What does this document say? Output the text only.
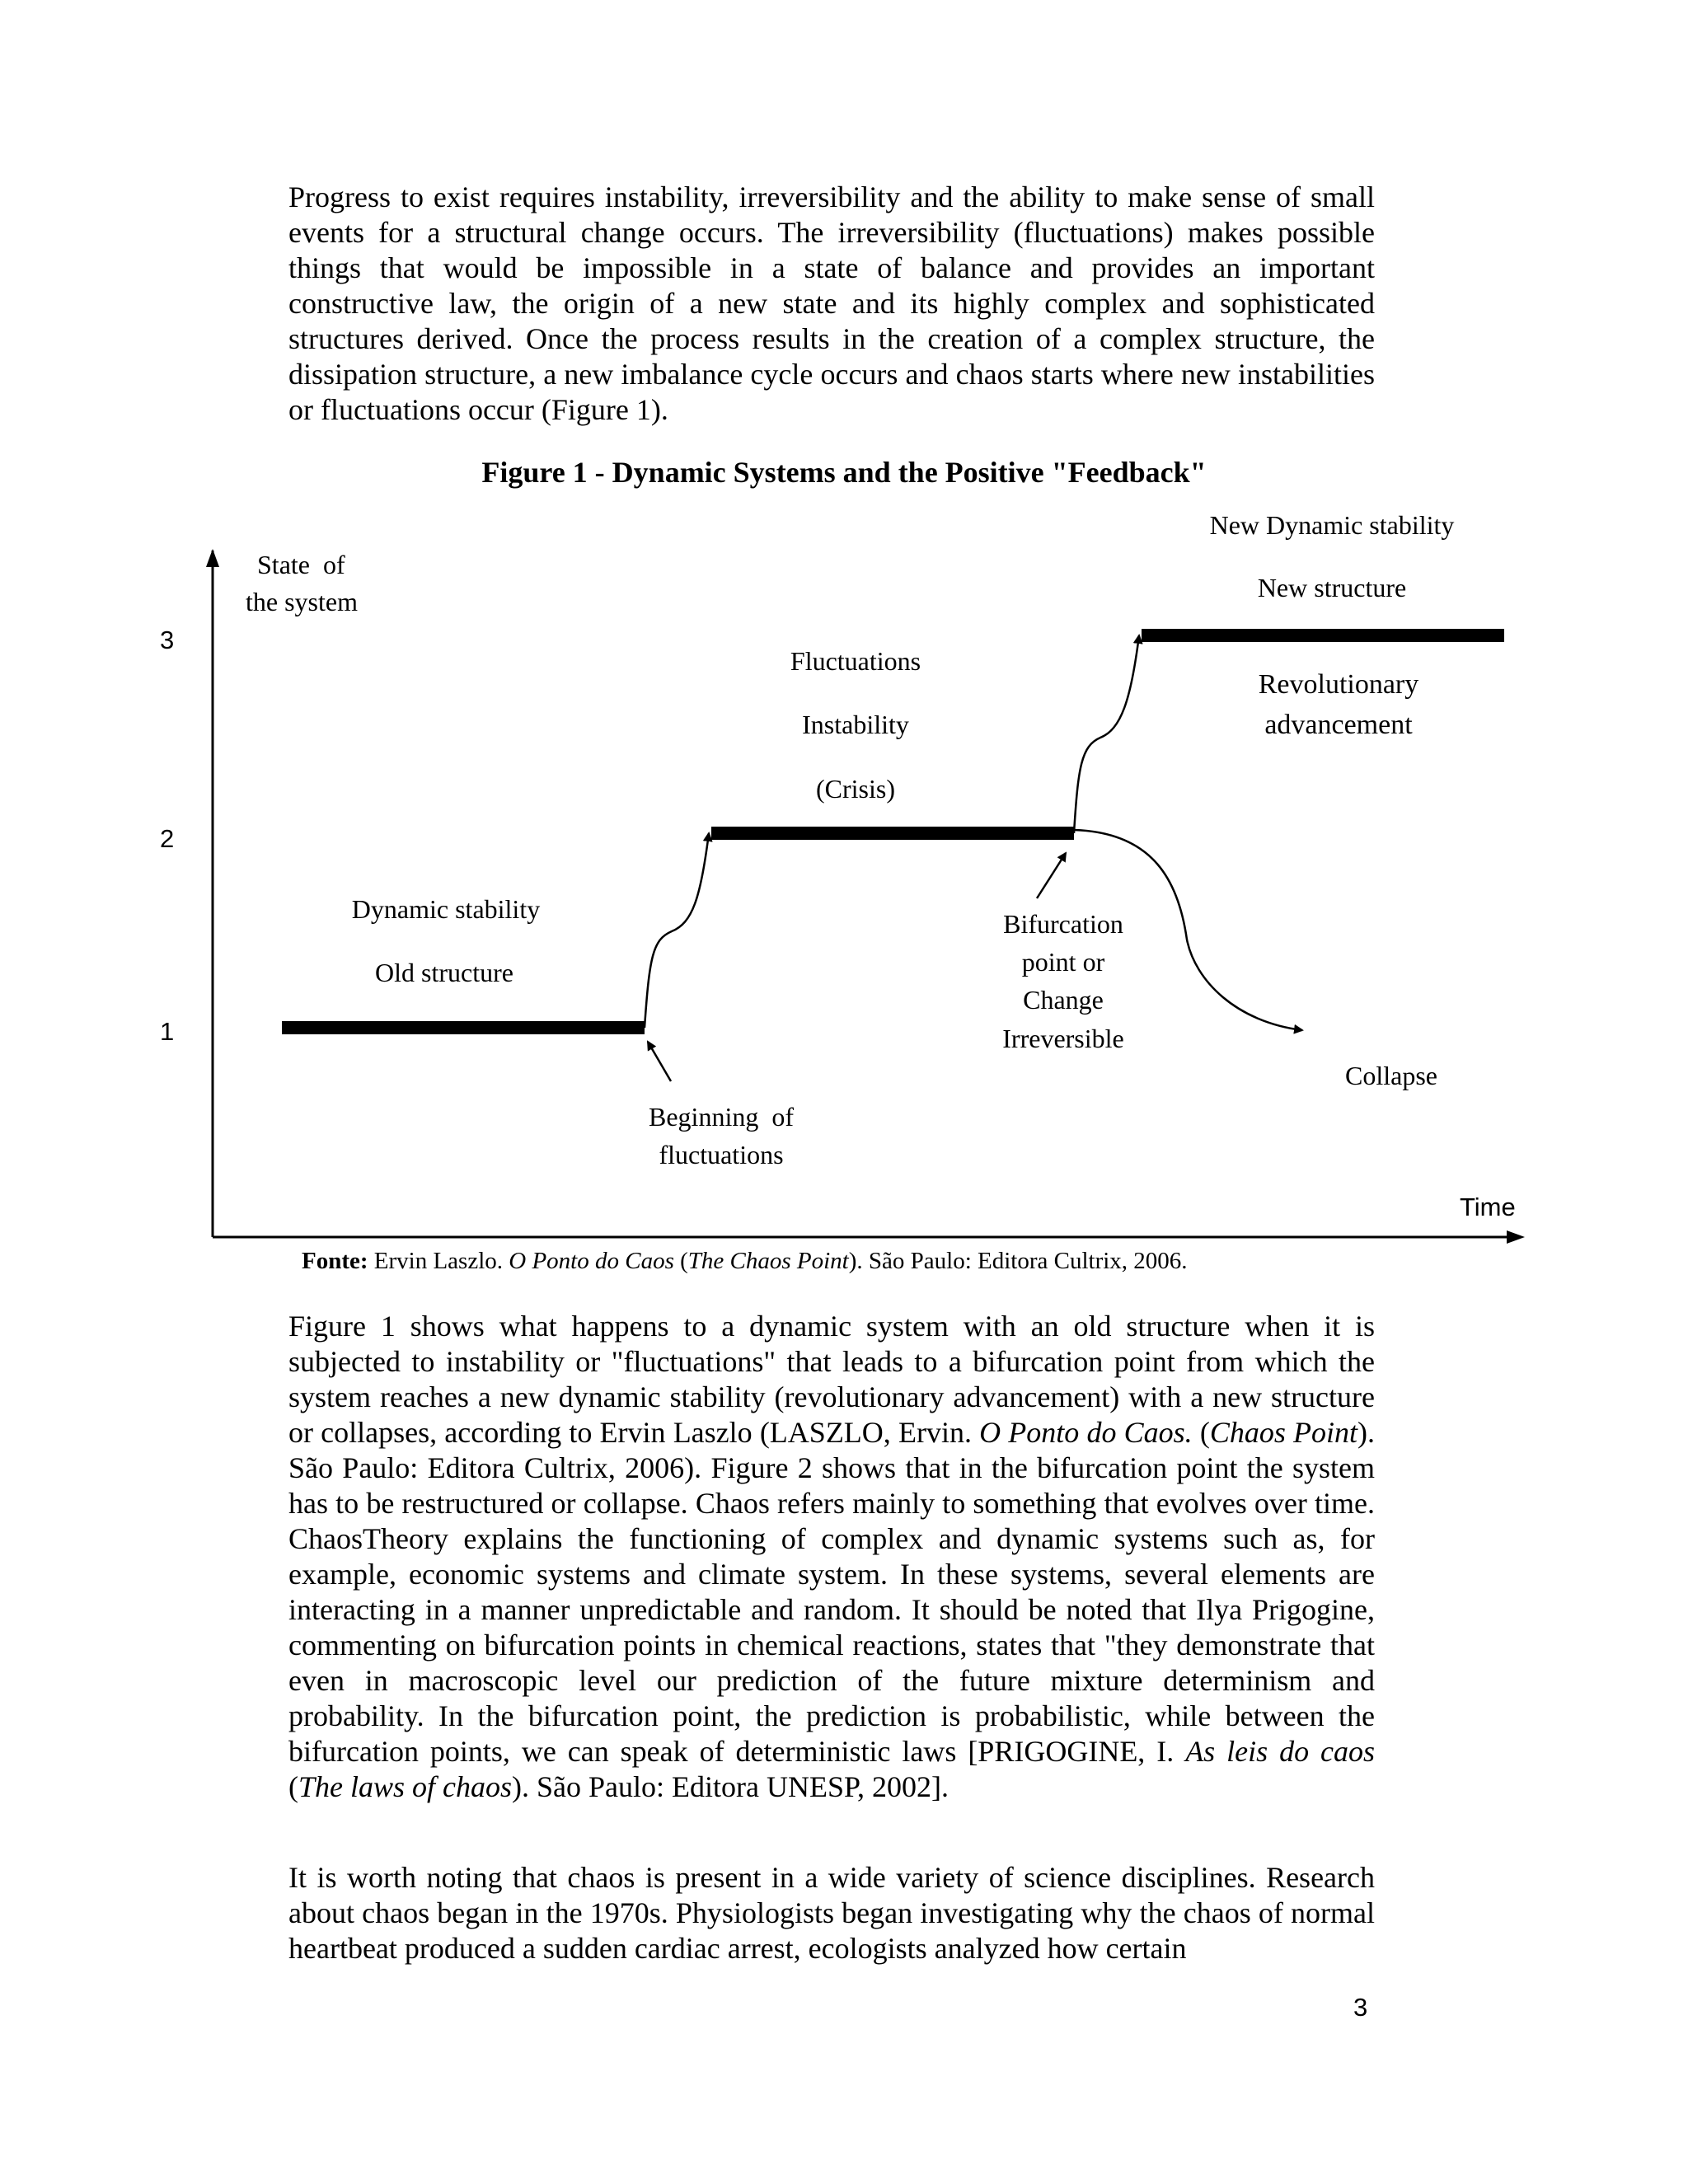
Progress to exist requires instability, irreversibility and the ability to make sense of small events for a structural change occurs. The irreversibility (fluctuations) makes possible things that would be impossible in a state of balance and provides an important constructive law, the origin of a new state and its highly complex and sophisticated structures derived. Once the process results in the creation of a complex structure, the dissipation structure, a new imbalance cycle occurs and chaos starts where new instabilities or fluctuations occur (Figure 1).

Figure 1 - Dynamic Systems and the Positive "Feedback"

3
2
1
State  of
the system
Time
Dynamic stability
Old structure
Fluctuations
Instability
(Crisis)
New Dynamic stability
New structure
Revolutionary
advancement
Bifurcation
point or
Change
Irreversible
Beginning  of
fluctuations
Collapse

Fonte: Ervin Laszlo. O Ponto do Caos (The Chaos Point). São Paulo: Editora Cultrix, 2006.

Figure 1 shows what happens to a dynamic system with an old structure when it is subjected to instability or "fluctuations" that leads to a bifurcation point from which the system reaches a new dynamic stability (revolutionary advancement) with a new structure or collapses, according to Ervin Laszlo (LASZLO, Ervin. O Ponto do Caos. (Chaos Point). São Paulo: Editora Cultrix, 2006). Figure 2 shows that in the bifurcation point the system has to be restructured or collapse. Chaos refers mainly to something that evolves over time. ChaosTheory explains the functioning of complex and dynamic systems such as, for example, economic systems and climate system. In these systems, several elements are interacting in a manner unpredictable and random. It should be noted that Ilya Prigogine, commenting on bifurcation points in chemical reactions, states that "they demonstrate that even in macroscopic level our prediction of the future mixture determinism and probability. In the bifurcation point, the prediction is probabilistic, while between the bifurcation points, we can speak of deterministic laws [PRIGOGINE, I. As leis do caos (The laws of chaos). São Paulo: Editora UNESP, 2002].

It is worth noting that chaos is present in a wide variety of science disciplines. Research about chaos began in the 1970s. Physiologists began investigating why the chaos of normal heartbeat produced a sudden cardiac arrest, ecologists analyzed how certain

3
